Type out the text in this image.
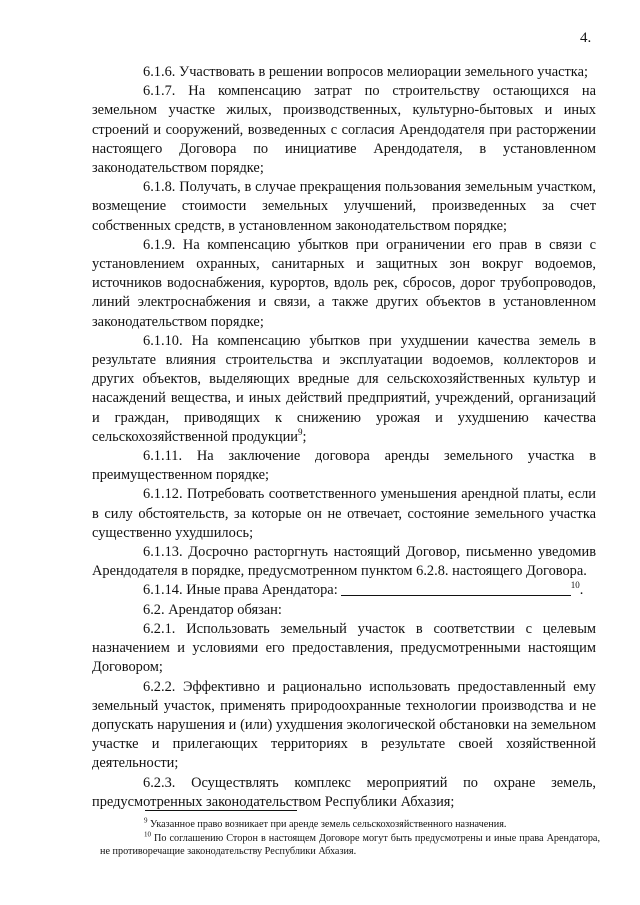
4.

6.1.6. Участвовать в решении вопросов мелиорации земельного участка;

6.1.7. На компенсацию затрат по строительству остающихся на земельном участке жилых, производственных, культурно-бытовых и иных строений и сооружений, возведенных с согласия Арендодателя при расторжении настоящего Договора по инициативе Арендодателя, в установленном законодательством порядке;

6.1.8. Получать, в случае прекращения пользования земельным участком, возмещение стоимости земельных улучшений, произведенных за счет собственных средств, в установленном законодательством порядке;

6.1.9. На компенсацию убытков при ограничении его прав в связи с установлением охранных, санитарных и защитных зон вокруг водоемов, источников водоснабжения, курортов, вдоль рек, сбросов, дорог трубопроводов, линий электроснабжения и связи, а также других объектов в установленном законодательством порядке;

6.1.10. На компенсацию убытков при ухудшении качества земель в результате влияния строительства и эксплуатации водоемов, коллекторов и других объектов, выделяющих вредные для сельскохозяйственных культур и насаждений вещества, и иных действий предприятий, учреждений, организаций и граждан, приводящих к снижению урожая и ухудшению качества сельскохозяйственной продукции$^9$;

6.1.11. На заключение договора аренды земельного участка в преимущественном порядке;

6.1.12. Потребовать соответственного уменьшения арендной платы, если в силу обстоятельств, за которые он не отвечает, состояние земельного участка существенно ухудшилось;

6.1.13. Досрочно расторгнуть настоящий Договор, письменно уведомив Арендодателя в порядке, предусмотренном пунктом 6.2.8. настоящего Договора.

6.1.14. Иные права Арендатора:	$^{10}$.

6.2. Арендатор обязан:

6.2.1. Использовать земельный участок в соответствии с целевым назначением и условиями его предоставления, предусмотренными настоящим Договором;

6.2.2. Эффективно и рационально использовать предоставленный ему земельный участок, применять природоохранные технологии производства и не допускать нарушения и (или) ухудшения экологической обстановки на земельном участке и прилегающих территориях в результате своей хозяйственной деятельности;

6.2.3. Осуществлять комплекс мероприятий по охране земель, предусмотренных законодательством Республики Абхазия;

$^9$ Указанное право возникает при аренде земель сельскохозяйственного назначения.

$^{10}$ По соглашению Сторон в настоящем Договоре могут быть предусмотрены и иные права Арендатора, не противоречащие законодательству Республики Абхазия.
